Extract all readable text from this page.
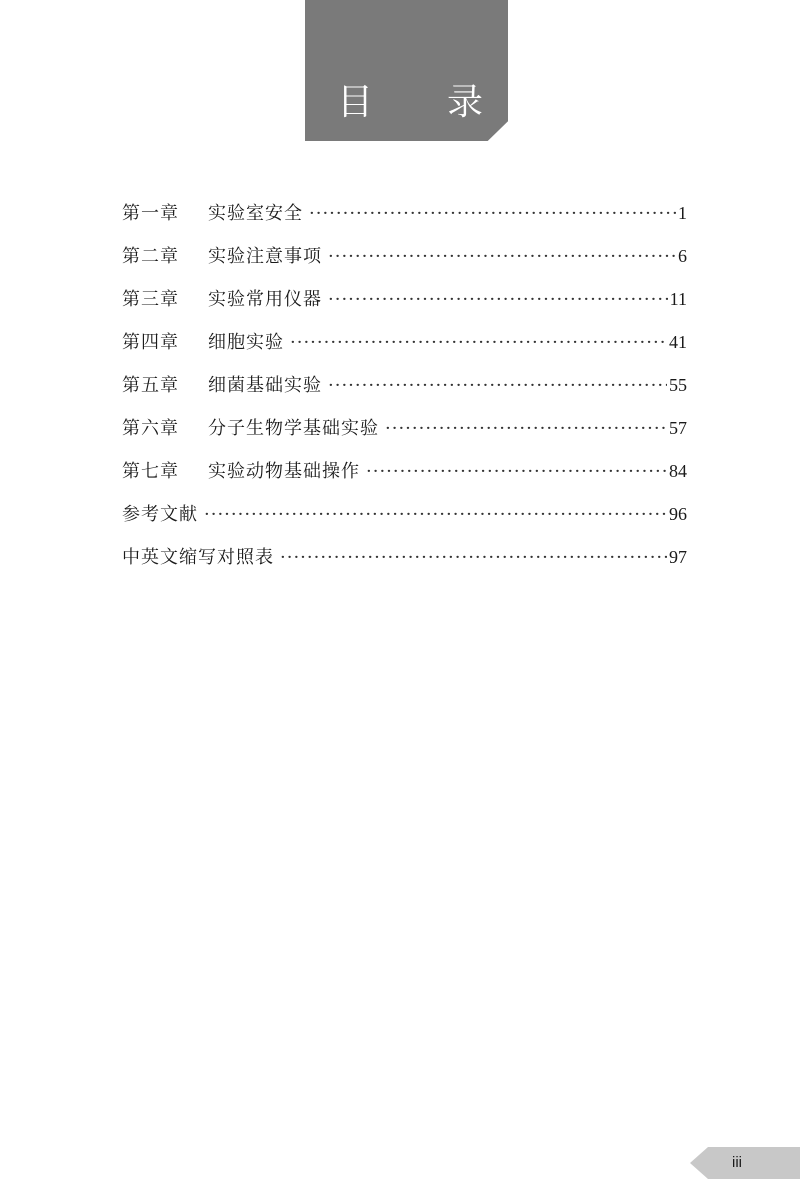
目 录
第一章	实验室安全 ·····	1
第二章	实验注意事项 ·····	6
第三章	实验常用仪器 ·····	11
第四章	细胞实验 ·····	41
第五章	细菌基础实验 ·····	55
第六章	分子生物学基础实验 ·····	57
第七章	实验动物基础操作 ·····	84
参考文献 ·····	96
中英文缩写对照表 ·····	97
iii
